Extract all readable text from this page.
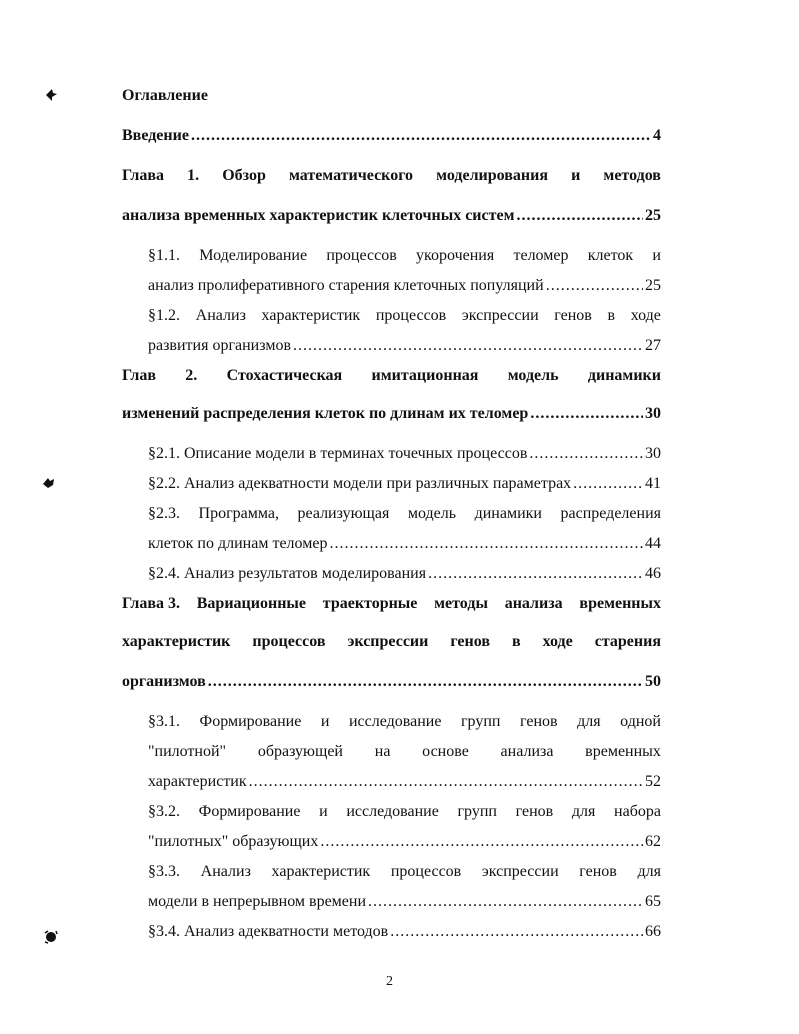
Оглавление
Введение .....	4
Глава 1. Обзор математического моделирования и методов
анализа временных характеристик клеточных систем .....	25
§1.1. Моделирование процессов укорочения теломер клеток и
анализ пролиферативного старения клеточных популяций .....	25
§1.2. Анализ характеристик процессов экспрессии генов в ходе
развития организмов .....	27
Глав 2. Стохастическая имитационная модель динамики
изменений распределения клеток по длинам их теломер .....	30
§2.1. Описание модели в терминах точечных процессов .....	30
§2.2. Анализ адекватности модели при различных параметрах .....	41
§2.3. Программа, реализующая модель динамики распределения
клеток по длинам теломер .....	44
§2.4. Анализ результатов моделирования .....	46
Глава 3. Вариационные траекторные методы анализа временных
характеристик процессов экспрессии генов в ходе старения
организмов .....	50
§3.1. Формирование и исследование групп генов для одной
"пилотной" образующей на основе анализа временных
характеристик .....	52
§3.2. Формирование и исследование групп генов для набора
"пилотных" образующих .....	62
§3.3. Анализ характеристик процессов экспрессии генов для
модели в непрерывном времени .....	65
§3.4. Анализ адекватности методов .....	66
2
